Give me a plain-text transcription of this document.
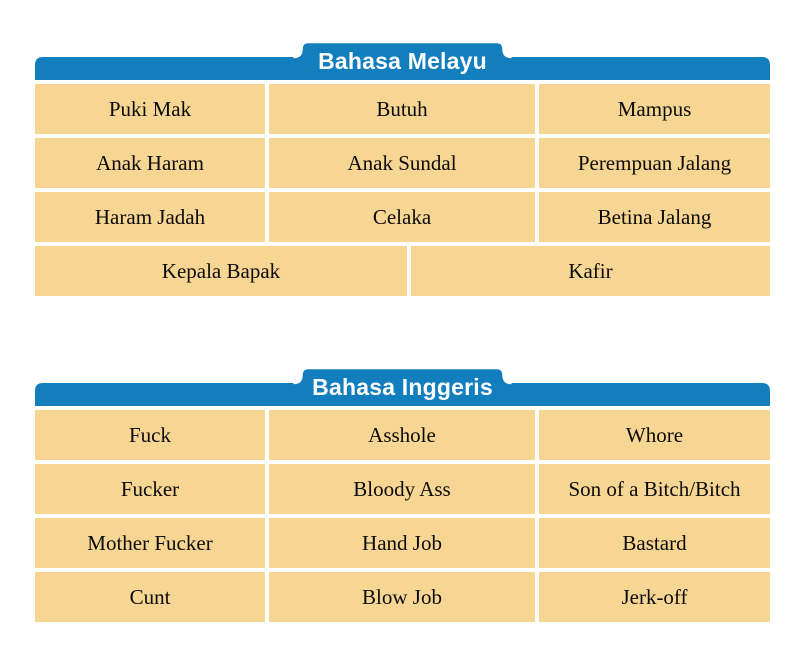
Bahasa Melayu
Puki Mak	Butuh	Mampus
Anak Haram	Anak Sundal	Perempuan Jalang
Haram Jadah	Celaka	Betina Jalang
Kepala Bapak	Kafir
Bahasa Inggeris
Fuck	Asshole	Whore
Fucker	Bloody Ass	Son of a Bitch/Bitch
Mother Fucker	Hand Job	Bastard
Cunt	Blow Job	Jerk-off
